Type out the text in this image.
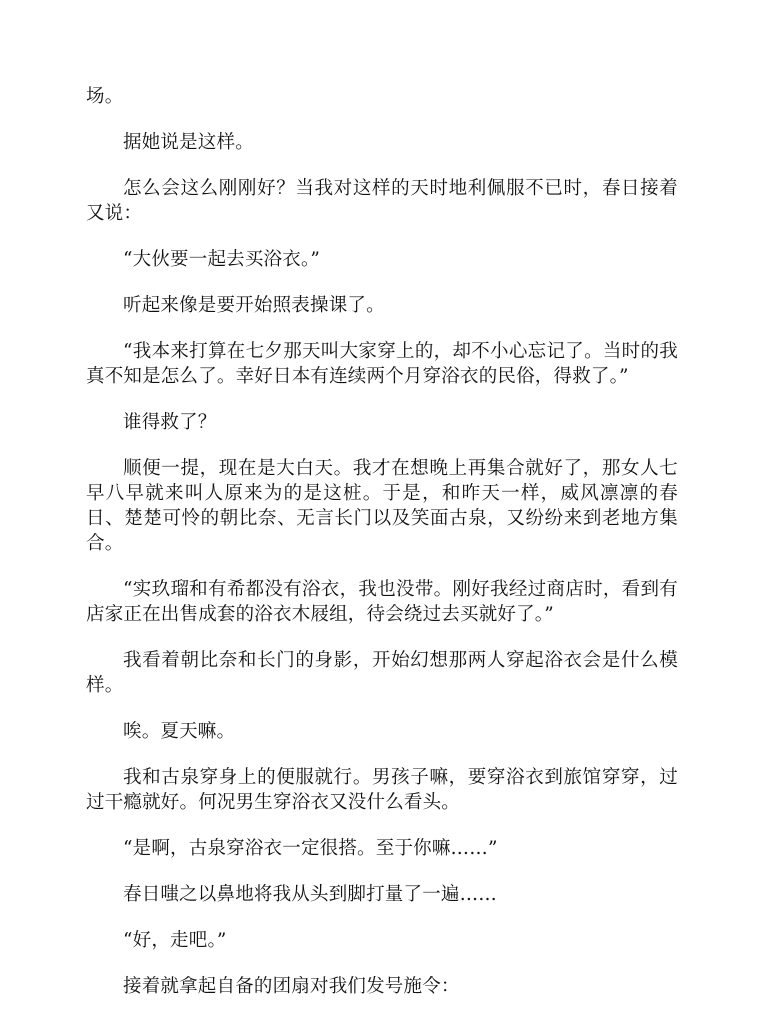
场。

据她说是这样。

怎么会这么刚刚好？当我对这样的天时地利佩服不已时，春日接着又说：

“大伙要一起去买浴衣。”

听起来像是要开始照表操课了。

“我本来打算在七夕那天叫大家穿上的，却不小心忘记了。当时的我真不知是怎么了。幸好日本有连续两个月穿浴衣的民俗，得救了。”

谁得救了？

顺便一提，现在是大白天。我才在想晚上再集合就好了，那女人七早八早就来叫人原来为的是这桩。于是，和昨天一样，威风凛凛的春日、楚楚可怜的朝比奈、无言长门以及笑面古泉，又纷纷来到老地方集合。

“实玖瑠和有希都没有浴衣，我也没带。刚好我经过商店时，看到有店家正在出售成套的浴衣木屐组，待会绕过去买就好了。”

我看着朝比奈和长门的身影，开始幻想那两人穿起浴衣会是什么模样。

唉。夏天嘛。

我和古泉穿身上的便服就行。男孩子嘛，要穿浴衣到旅馆穿穿，过过干瘾就好。何况男生穿浴衣又没什么看头。

“是啊，古泉穿浴衣一定很搭。至于你嘛……”

春日嗤之以鼻地将我从头到脚打量了一遍……

“好，走吧。”

接着就拿起自备的团扇对我们发号施令：
